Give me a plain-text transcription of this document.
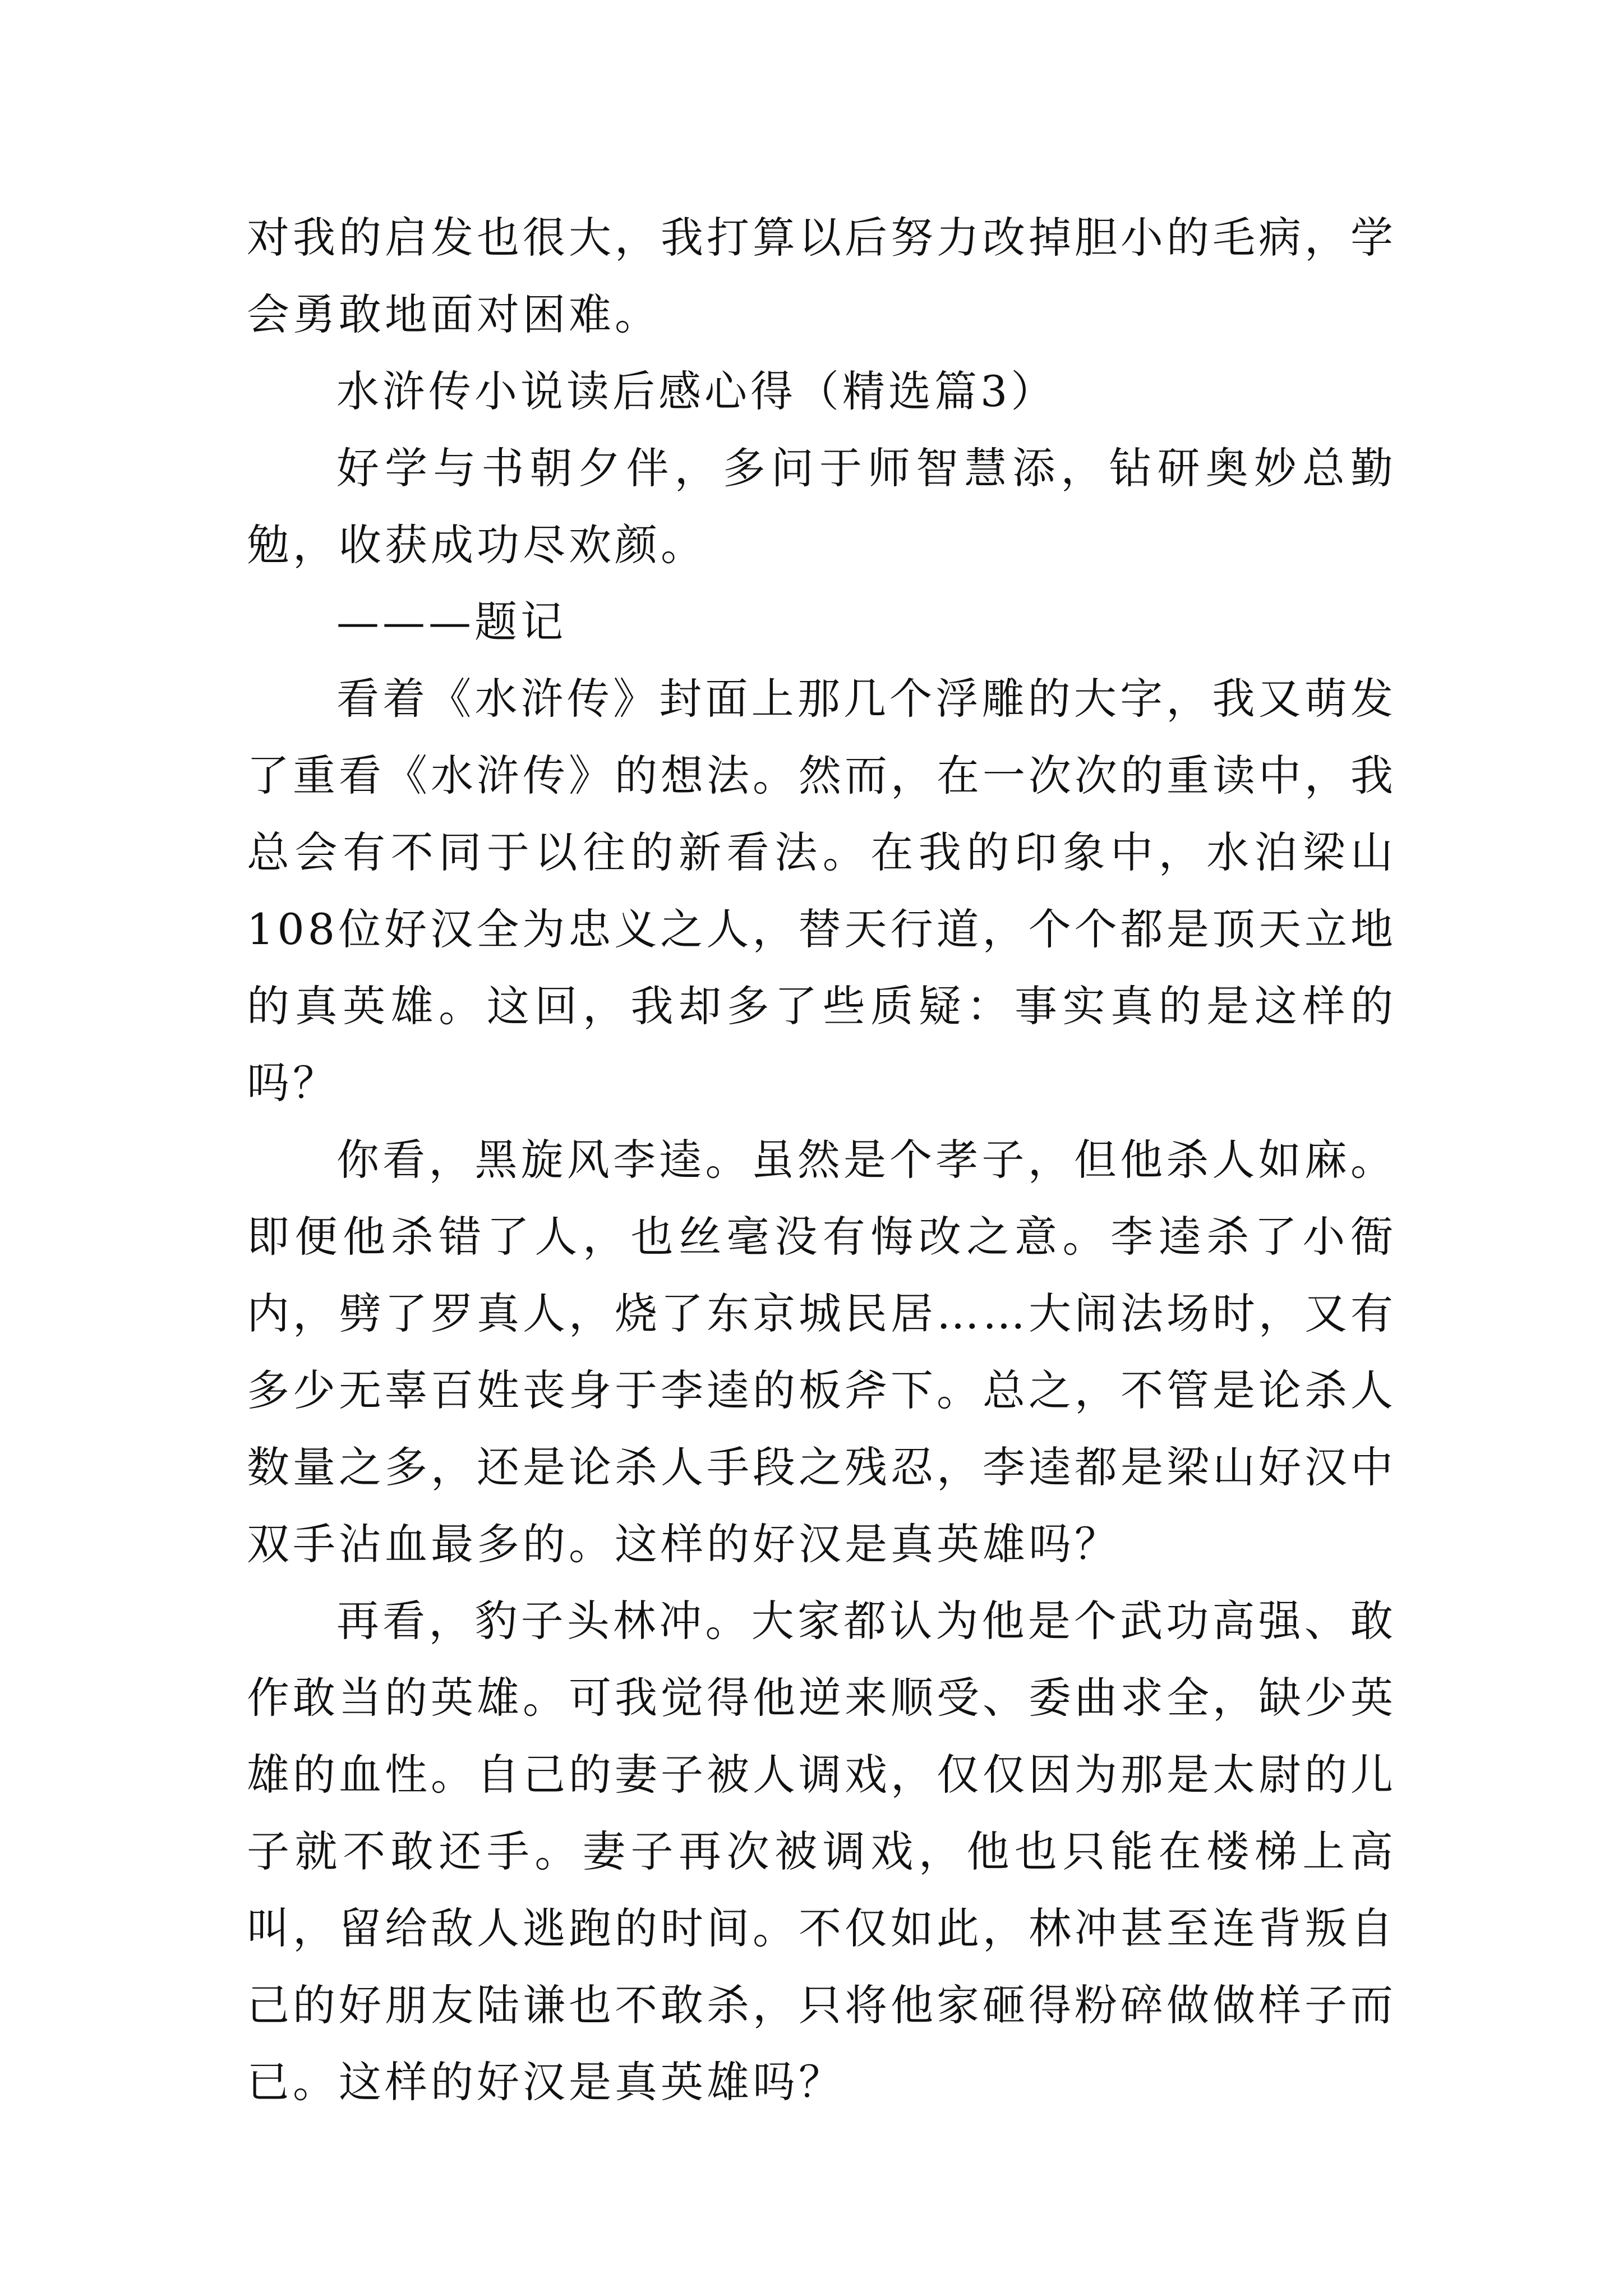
对我的启发也很大，我打算以后努力改掉胆小的毛病，学会勇敢地面对困难。

水浒传小说读后感心得（精选篇3）

好学与书朝夕伴，多问于师智慧添，钻研奥妙总勤勉，收获成功尽欢颜。

———题记

看着《水浒传》封面上那几个浮雕的大字，我又萌发了重看《水浒传》的想法。然而，在一次次的重读中，我总会有不同于以往的新看法。在我的印象中，水泊梁山108位好汉全为忠义之人，替天行道，个个都是顶天立地的真英雄。这回，我却多了些质疑：事实真的是这样的吗？

你看，黑旋风李逵。虽然是个孝子，但他杀人如麻。即便他杀错了人，也丝毫没有悔改之意。李逵杀了小衙内，劈了罗真人，烧了东京城民居……大闹法场时，又有多少无辜百姓丧身于李逵的板斧下。总之，不管是论杀人数量之多，还是论杀人手段之残忍，李逵都是梁山好汉中双手沾血最多的。这样的好汉是真英雄吗？

再看，豹子头林冲。大家都认为他是个武功高强、敢作敢当的英雄。可我觉得他逆来顺受、委曲求全，缺少英雄的血性。自己的妻子被人调戏，仅仅因为那是太尉的儿子就不敢还手。妻子再次被调戏，他也只能在楼梯上高叫，留给敌人逃跑的时间。不仅如此，林冲甚至连背叛自己的好朋友陆谦也不敢杀，只将他家砸得粉碎做做样子而已。这样的好汉是真英雄吗？
